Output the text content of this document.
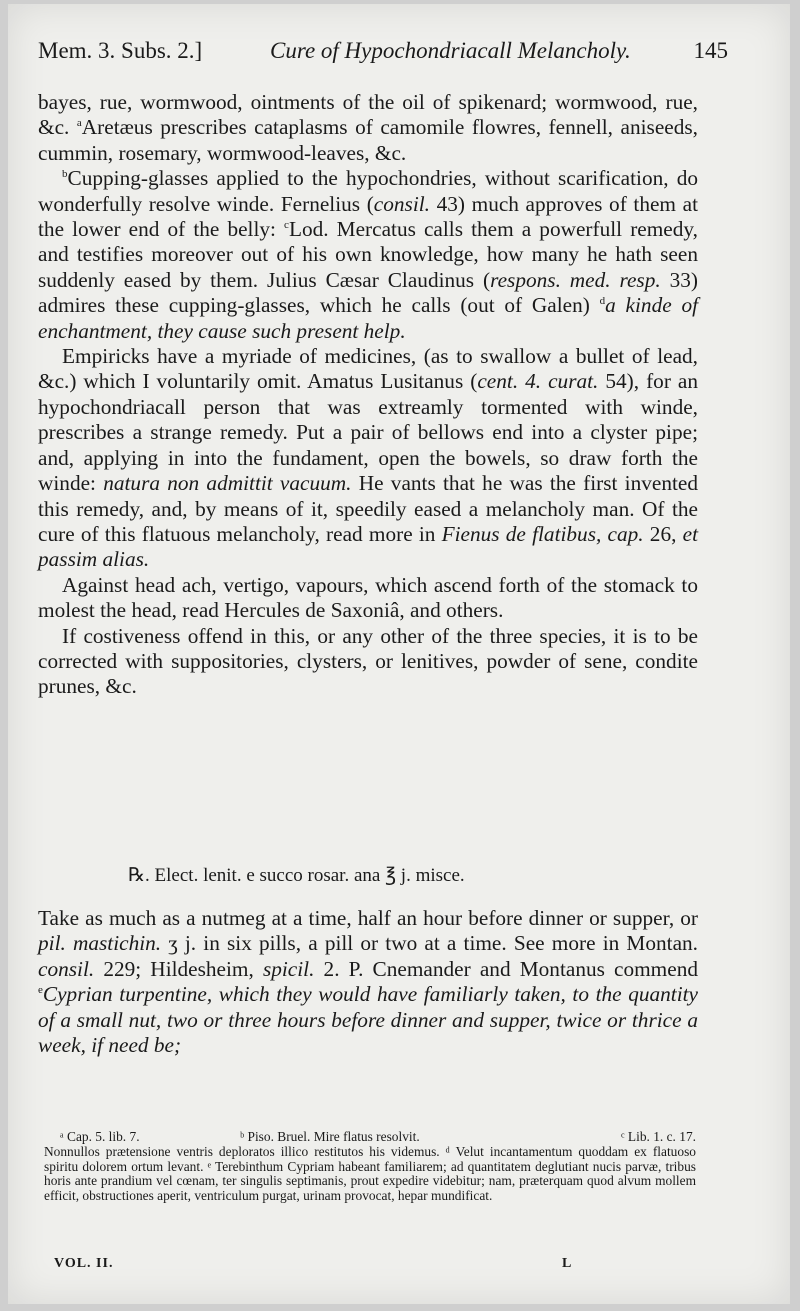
Mem. 3. Subs. 2.]	Cure of Hypochondriacall Melancholy.	145

bayes, rue, wormwood, ointments of the oil of spikenard; wormwood, rue, &c. $^a$Aretæus prescribes cataplasms of camomile flowres, fennell, aniseeds, cummin, rosemary, wormwood-leaves, &c.

$^b$Cupping-glasses applied to the hypochondries, without scarification, do wonderfully resolve winde. Fernelius (consil. 43) much approves of them at the lower end of the belly: $^c$Lod. Mercatus calls them a powerfull remedy, and testifies moreover out of his own knowledge, how many he hath seen suddenly eased by them. Julius Cæsar Claudinus (respons. med. resp. 33) admires these cupping-glasses, which he calls (out of Galen) $^d$a kinde of enchantment, they cause such present help.

Empiricks have a myriade of medicines, (as to swallow a bullet of lead, &c.) which I voluntarily omit. Amatus Lusitanus (cent. 4. curat. 54), for an hypochondriacall person that was extreamly tormented with winde, prescribes a strange remedy. Put a pair of bellows end into a clyster pipe; and, applying in into the fundament, open the bowels, so draw forth the winde: natura non admittit vacuum. He vants that he was the first invented this remedy, and, by means of it, speedily eased a melancholy man. Of the cure of this flatuous melancholy, read more in Fienus de flatibus, cap. 26, et passim alias.

Against head ach, vertigo, vapours, which ascend forth of the stomack to molest the head, read Hercules de Saxoniâ, and others.

If costiveness offend in this, or any other of the three species, it is to be corrected with suppositories, clysters, or lenitives, powder of sene, condite prunes, &c.

℞. Elect. lenit. e succo rosar. ana ℥ j. misce.

Take as much as a nutmeg at a time, half an hour before dinner or supper, or pil. mastichin. ʒ j. in six pills, a pill or two at a time. See more in Montan. consil. 229; Hildesheim, spicil. 2. P. Cnemander and Montanus commend $^e$Cyprian turpentine, which they would have familiarly taken, to the quantity of a small nut, two or three hours before dinner and supper, twice or thrice a week, if need be;

ᵃ Cap. 5. lib. 7.	ᵇ Piso. Bruel. Mire flatus resolvit.	ᶜ Lib. 1. c. 17.

Nonnullos prætensione ventris deploratos illico restitutos his videmus. ᵈ Velut incantamentum quoddam ex flatuoso spiritu dolorem ortum levant. ᵉ Terebinthum Cypriam habeant familiarem; ad quantitatem deglutiant nucis parvæ, tribus horis ante prandium vel cœnam, ter singulis septimanis, prout expedire videbitur; nam, præterquam quod alvum mollem efficit, obstructiones aperit, ventriculum purgat, urinam provocat, hepar mundificat.

VOL. II.	L
